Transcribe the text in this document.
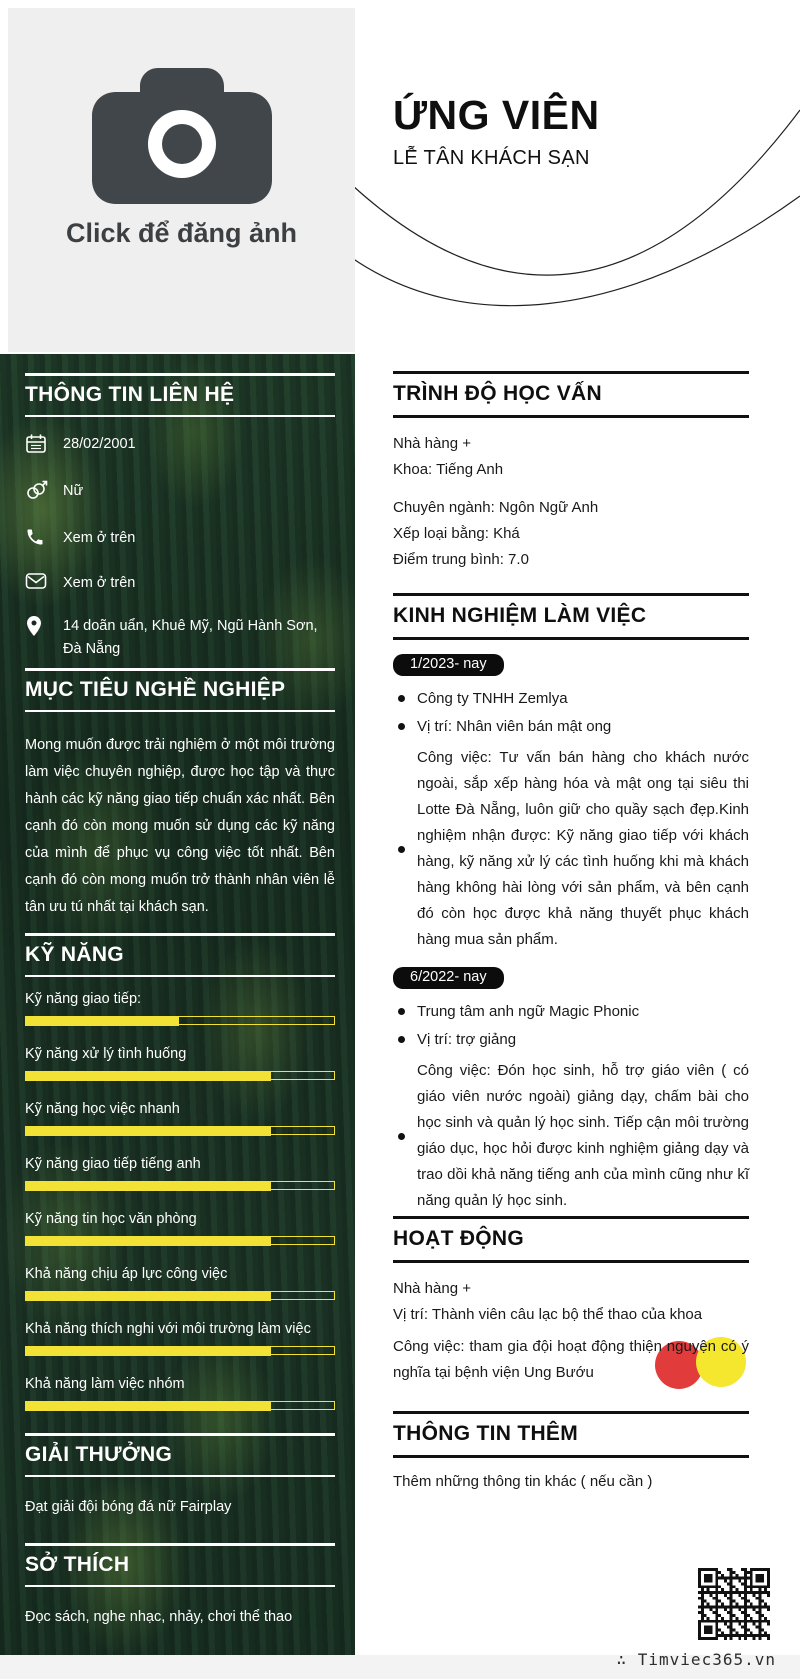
Click để đăng ảnh
ỨNG VIÊN
LỄ TÂN KHÁCH SẠN
THÔNG TIN LIÊN HỆ
28/02/2001
Nữ
Xem ở trên
Xem ở trên
14 doãn uẩn, Khuê Mỹ, Ngũ Hành Sơn, Đà Nẵng
MỤC TIÊU NGHỀ NGHIỆP

Mong muốn được trải nghiệm ở một môi trường làm việc chuyên nghiệp, được học tập và thực hành các kỹ năng giao tiếp chuẩn xác nhất. Bên cạnh đó còn mong muốn sử dụng các kỹ năng của mình để phục vụ công việc tốt nhất. Bên cạnh đó còn mong muốn trở thành nhân viên lễ tân ưu tú nhất tại khách sạn.

KỸ NĂNG
Kỹ năng giao tiếp:
Kỹ năng xử lý tình huống
Kỹ năng học việc nhanh
Kỹ năng giao tiếp tiếng anh
Kỹ năng tin học văn phòng
Khả năng chịu áp lực công việc
Khả năng thích nghi với môi trường làm việc
Khả năng làm việc nhóm
GIẢI THƯỞNG
Đạt giải đội bóng đá nữ Fairplay
SỞ THÍCH
Đọc sách, nghe nhạc, nhảy, chơi thể thao
TRÌNH ĐỘ HỌC VẤN
Nhà hàng +
Khoa: Tiếng Anh
Chuyên ngành: Ngôn Ngữ Anh
Xếp loại bằng: Khá
Điểm trung bình: 7.0
KINH NGHIỆM LÀM VIỆC
1/2023- nay
Công ty TNHH Zemlya
Vị trí: Nhân viên bán mật ong

Công việc: Tư vấn bán hàng cho khách nước ngoài, sắp xếp hàng hóa và mật ong tại siêu thi Lotte Đà Nẵng, luôn giữ cho quầy sạch đẹp.Kinh nghiệm nhận được: Kỹ năng giao tiếp với khách hàng, kỹ năng xử lý các tình huống khi mà khách hàng không hài lòng với sản phẩm, và bên cạnh đó còn học được khả năng thuyết phục khách hàng mua sản phẩm.

6/2022- nay
Trung tâm anh ngữ Magic Phonic
Vị trí: trợ giảng

Công việc: Đón học sinh, hỗ trợ giáo viên ( có giáo viên nước ngoài) giảng dạy, chấm bài cho học sinh và quản lý học sinh. Tiếp cận môi trường giáo dục, học hỏi được kinh nghiệm giảng dạy và trao dồi khả năng tiếng anh của mình cũng như kĩ năng quản lý học sinh.

HOẠT ĐỘNG
Nhà hàng +
Vị trí: Thành viên câu lạc bộ thể thao của khoa

Công việc: tham gia đội hoạt động thiện nguyện có ý nghĩa tại bệnh viện Ung Bướu

THÔNG TIN THÊM
Thêm những thông tin khác ( nếu cần )
∴ Timviec365.vn
